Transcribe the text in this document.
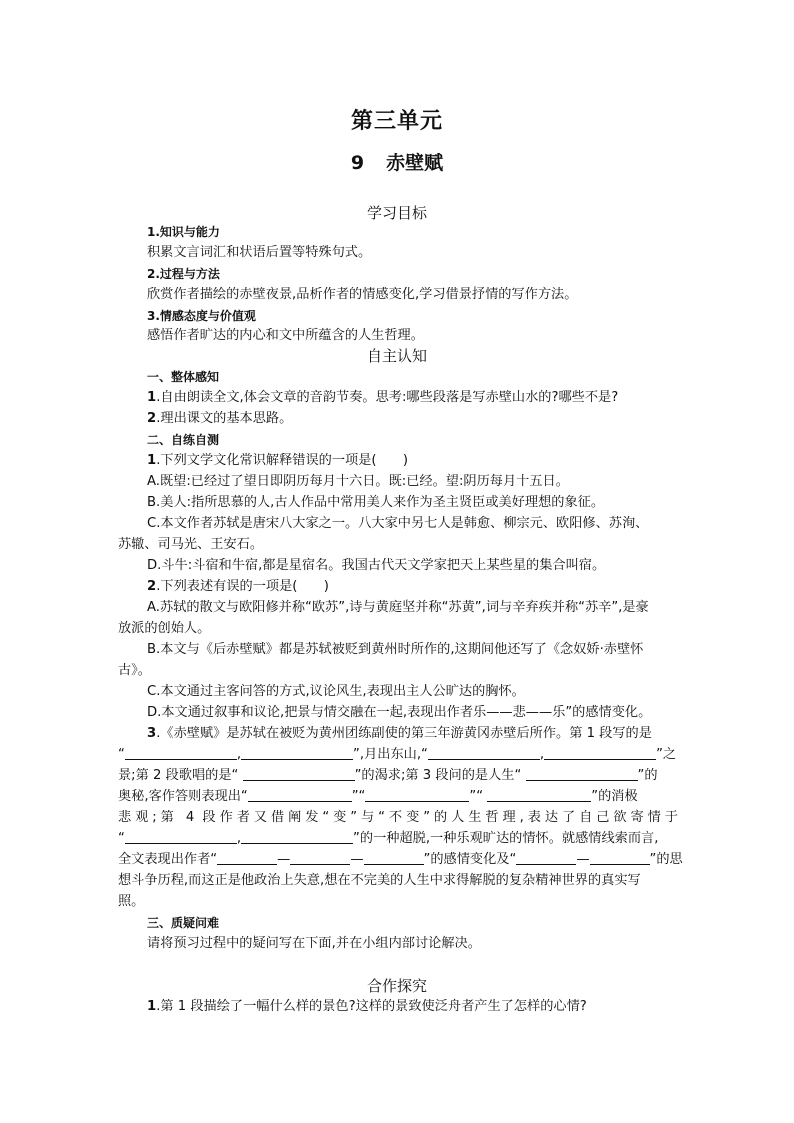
第三单元
9 赤壁赋
学习目标
1.知识与能力
积累文言词汇和状语后置等特殊句式。
2.过程与方法
欣赏作者描绘的赤壁夜景,品析作者的情感变化,学习借景抒情的写作方法。
3.情感态度与价值观
感悟作者旷达的内心和文中所蕴含的人生哲理。
自主认知
一、整体感知
1.自由朗读全文,体会文章的音韵节奏。思考:哪些段落是写赤壁山水的?哪些不是?
2.理出课文的基本思路。
二、自练自测
1.下列文学文化常识解释错误的一项是(　　)
A.既望:已经过了望日即阴历每月十六日。既:已经。望:阴历每月十五日。
B.美人:指所思慕的人,古人作品中常用美人来作为圣主贤臣或美好理想的象征。
C.本文作者苏轼是唐宋八大家之一。八大家中另七人是韩愈、柳宗元、欧阳修、苏洵、
苏辙、司马光、王安石。
D.斗牛:斗宿和牛宿,都是星宿名。我国古代天文学家把天上某些星的集合叫宿。
2.下列表述有误的一项是(　　)
A.苏轼的散文与欧阳修并称“欧苏”,诗与黄庭坚并称“苏黄”,词与辛弃疾并称“苏辛”,是豪
放派的创始人。
B.本文与《后赤壁赋》都是苏轼被贬到黄州时所作的,这期间他还写了《念奴娇·赤壁怀
古》。
C.本文通过主客问答的方式,议论风生,表现出主人公旷达的胸怀。
D.本文通过叙事和议论,把景与情交融在一起,表现出作者乐——悲——乐”的感情变化。
3.《赤壁赋》是苏轼在被贬为黄州团练副使的第三年游黄冈赤壁后所作。第 1 段写的是
“	,	”,月出东山,“	,	”之
景;第 2 段歌唱的是“	”的渴求;第 3 段问的是人生“	”的
奥秘,客作答则表现出“	”“	”“	”的消极
悲观;第 4 段作者又借阐发“变”与“不变”的人生哲理,表达了自己欲寄情于
“	,	”的一种超脱,一种乐观旷达的情怀。就感情线索而言,
全文表现出作者“	—	—	”的感情变化及“	—	”的思
想斗争历程,而这正是他政治上失意,想在不完美的人生中求得解脱的复杂精神世界的真实写
照。
三、质疑问难
请将预习过程中的疑问写在下面,并在小组内部讨论解决。
合作探究
1.第 1 段描绘了一幅什么样的景色?这样的景致使泛舟者产生了怎样的心情?
